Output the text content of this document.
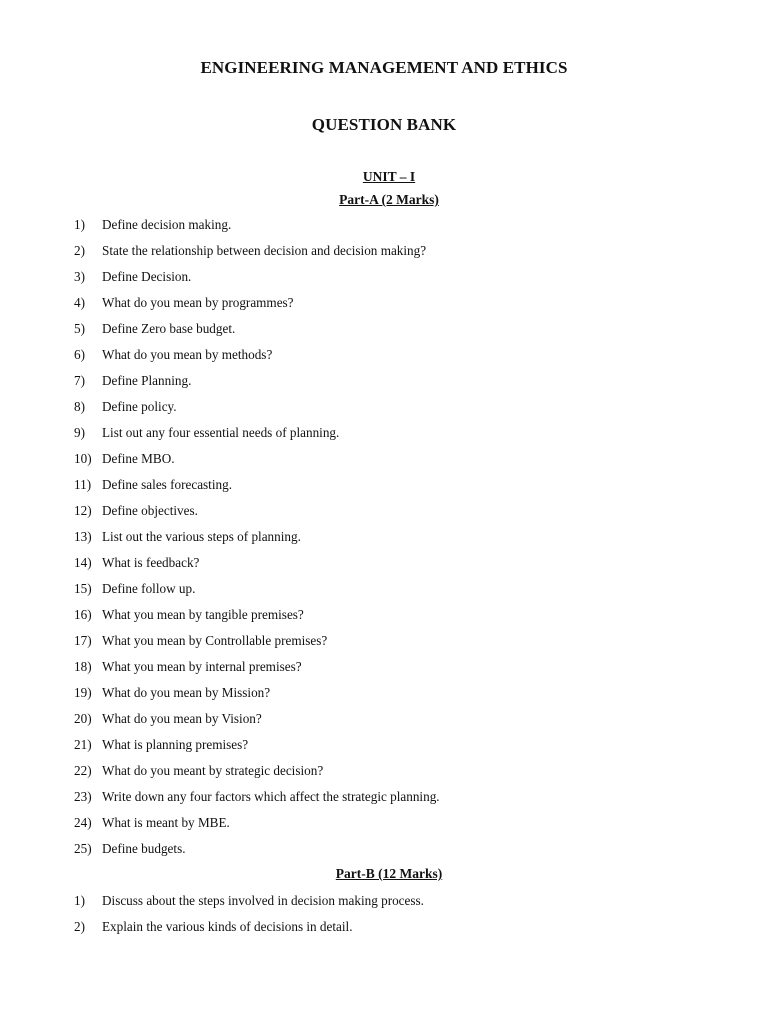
ENGINEERING MANAGEMENT AND ETHICS
QUESTION BANK
UNIT – I
Part-A (2 Marks)
1) Define decision making.
2) State the relationship between decision and decision making?
3) Define Decision.
4) What do you mean by programmes?
5) Define Zero base budget.
6) What do you mean by methods?
7) Define Planning.
8) Define policy.
9) List out any four essential needs of planning.
10) Define MBO.
11) Define sales forecasting.
12) Define objectives.
13) List out the various steps of planning.
14) What is feedback?
15) Define follow up.
16) What you mean by tangible premises?
17) What you mean by Controllable premises?
18) What you mean by internal premises?
19) What do you mean by Mission?
20) What do you mean by Vision?
21) What is planning premises?
22) What do you meant by strategic decision?
23) Write down any four factors which affect the strategic planning.
24) What is meant by MBE.
25) Define budgets.
Part-B (12 Marks)
1) Discuss about the steps involved in decision making process.
2) Explain the various kinds of decisions in detail.
